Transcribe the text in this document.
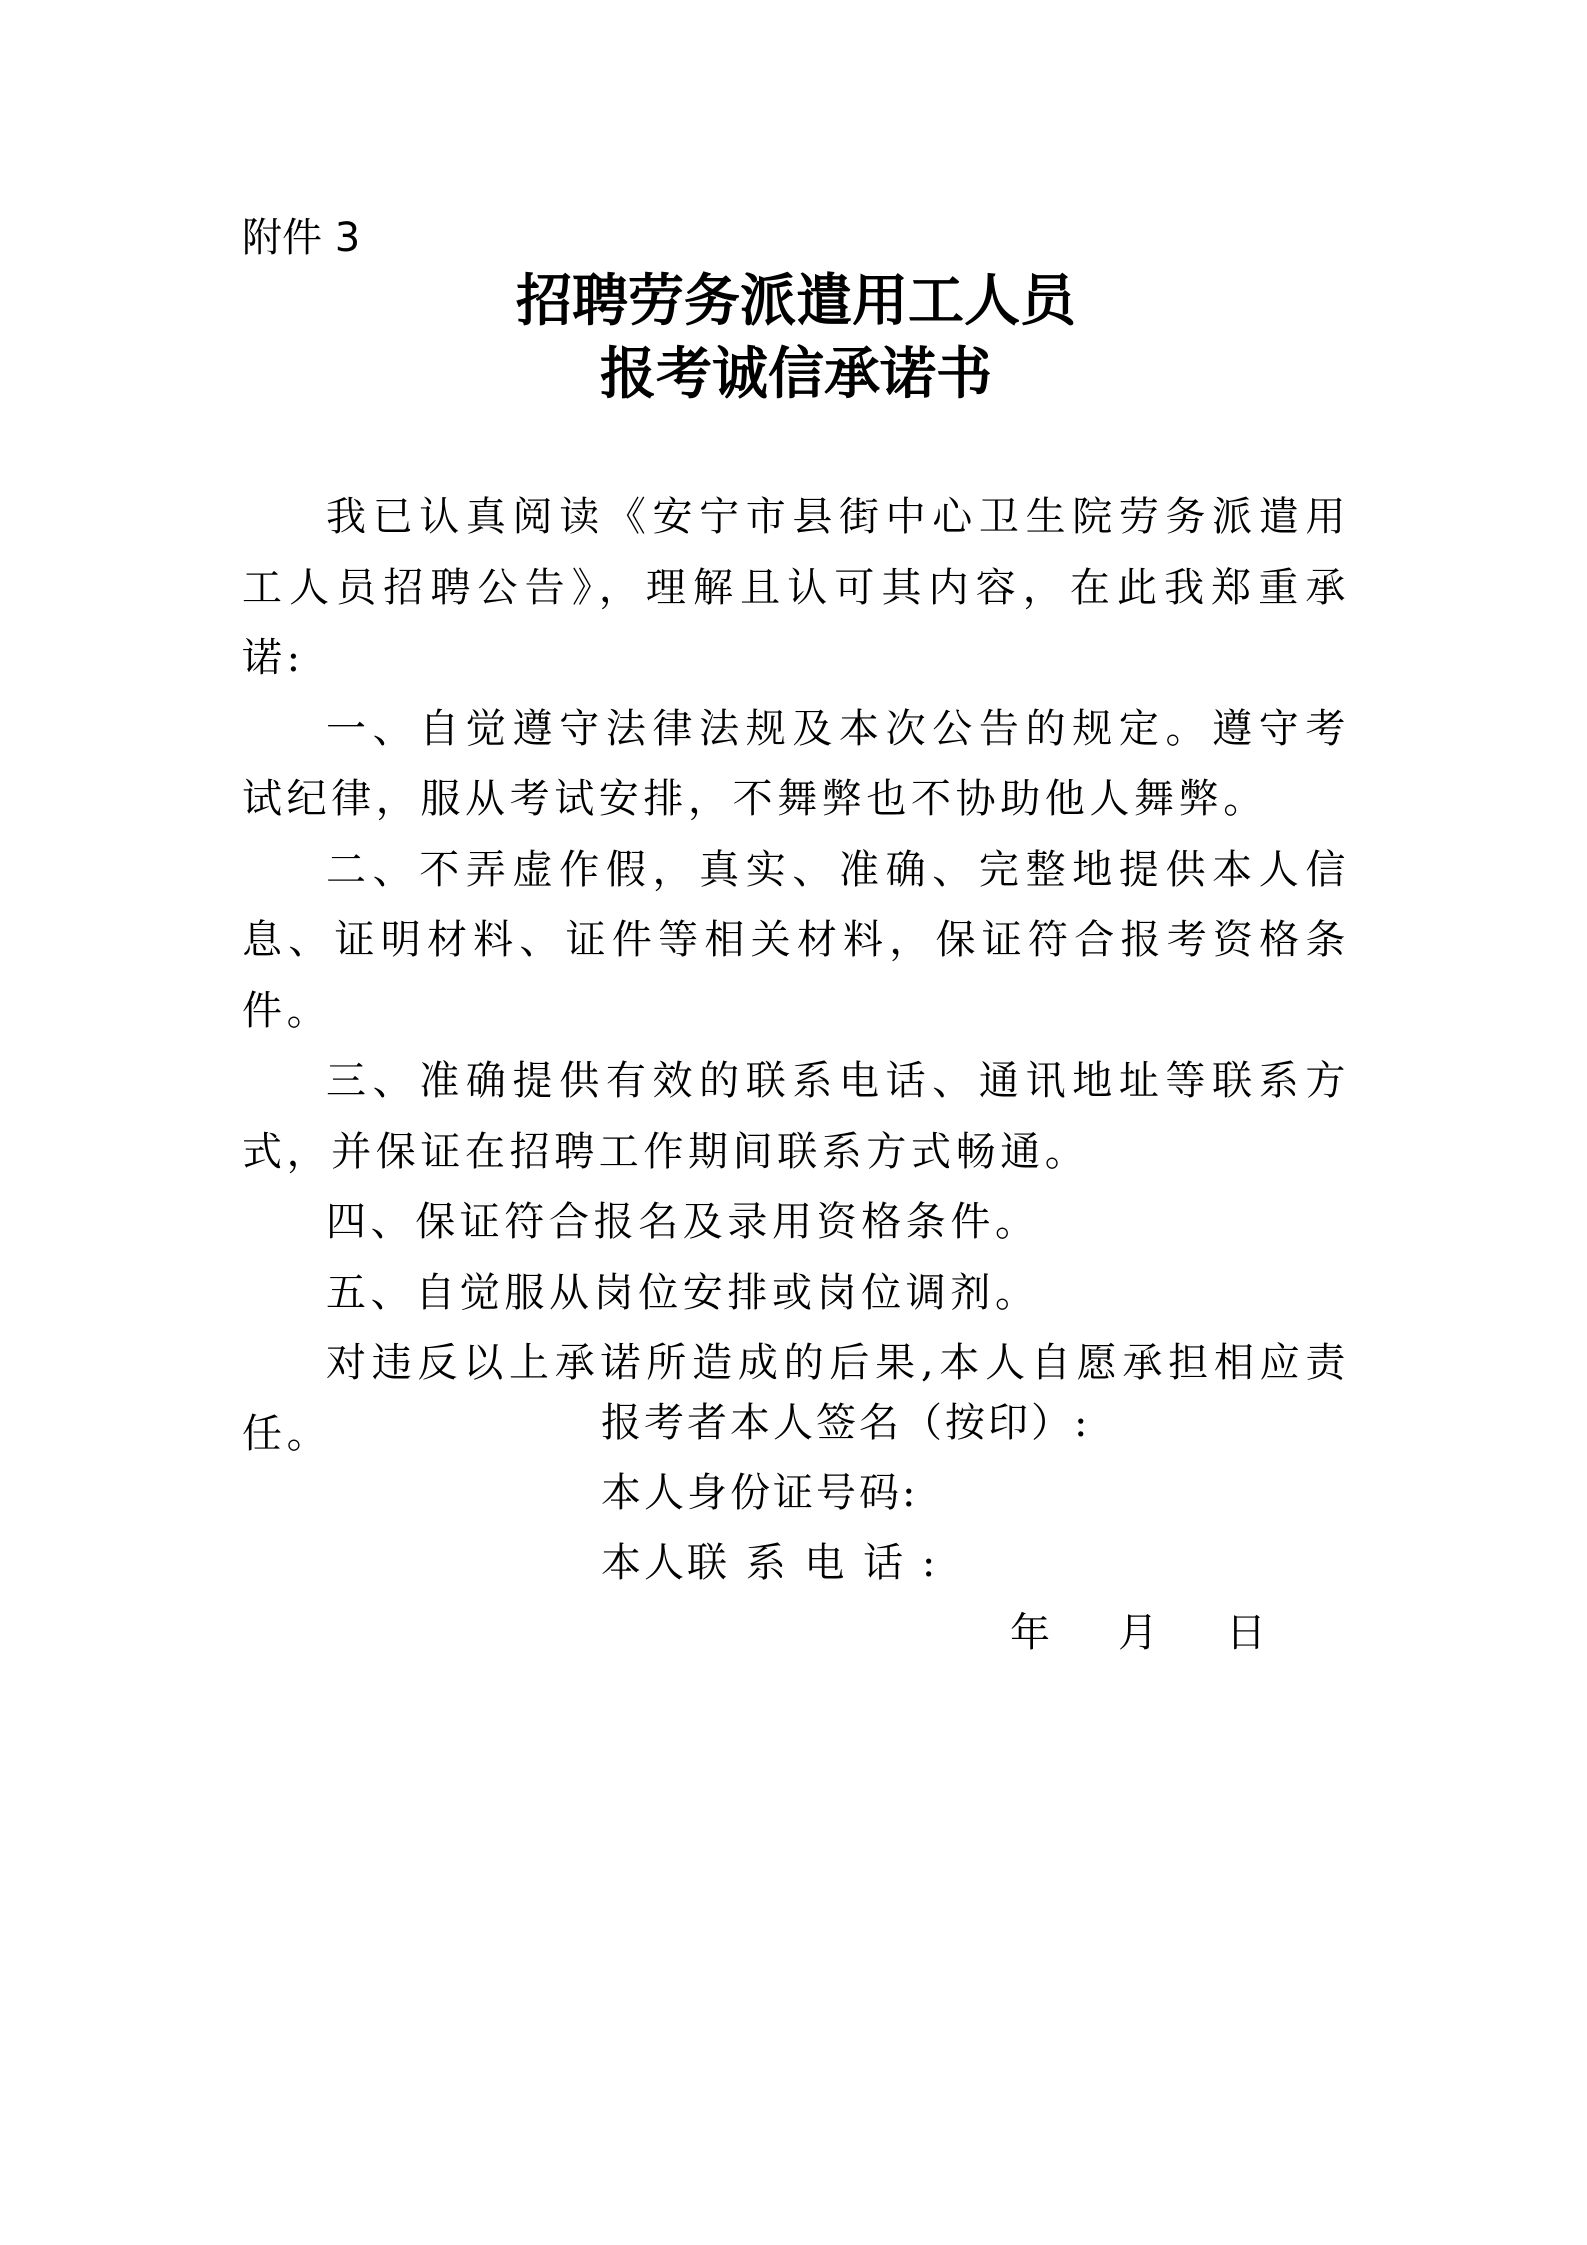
附件 3
招聘劳务派遣用工人员
报考诚信承诺书

我已认真阅读《安宁市县街中心卫生院劳务派遣用工人员招聘公告》，理解且认可其内容，在此我郑重承诺:

一、自觉遵守法律法规及本次公告的规定。遵守考试纪律，服从考试安排，不舞弊也不协助他人舞弊。

二、不弄虚作假，真实、准确、完整地提供本人信息、证明材料、证件等相关材料，保证符合报考资格条件。

三、准确提供有效的联系电话、通讯地址等联系方式，并保证在招聘工作期间联系方式畅通。

四、保证符合报名及录用资格条件。

五、自觉服从岗位安排或岗位调剂。

对违反以上承诺所造成的后果,本人自愿承担相应责任。	报考者本人签名（按印）:
本人身份证号码:
本人联 系 电 话 :
年 月 日
